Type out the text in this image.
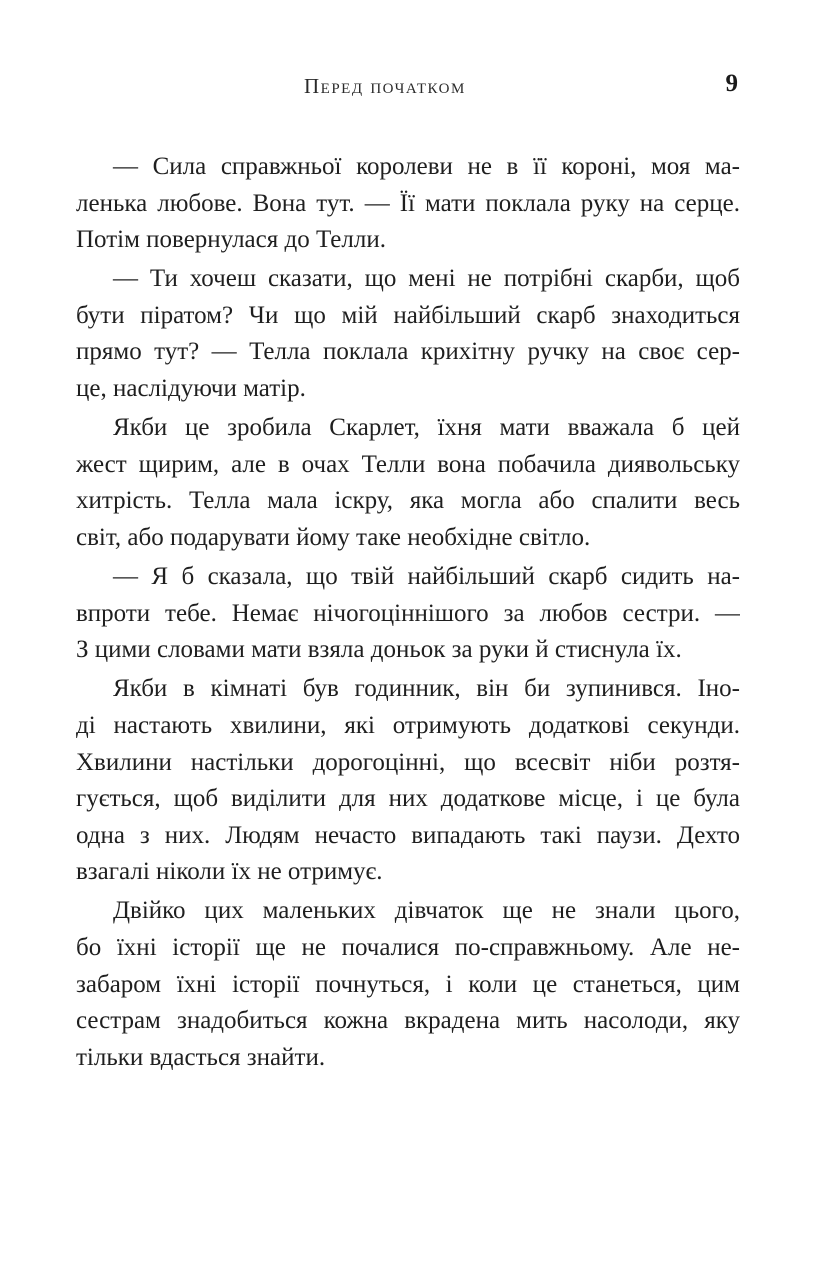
Перед початком	9
— Сила справжньої королеви не в її короні, моя ма-
ленька любове. Вона тут. — Її мати поклала руку на серце.
Потім повернулася до Телли.
— Ти хочеш сказати, що мені не потрібні скарби, щоб
бути піратом? Чи що мій найбільший скарб знаходиться
прямо тут? — Телла поклала крихітну ручку на своє сер-
це, наслідуючи матір.
Якби це зробила Скарлет, їхня мати вважала б цей
жест щирим, але в очах Телли вона побачила диявольську
хитрість. Телла мала іскру, яка могла або спалити весь
світ, або подарувати йому таке необхідне світло.
— Я б сказала, що твій найбільший скарб сидить на-
впроти тебе. Немає нічогоціннішого за любов сестри. —
З цими словами мати взяла доньок за руки й стиснула їх.
Якби в кімнаті був годинник, він би зупинився. Іно-
ді настають хвилини, які отримують додаткові секунди.
Хвилини настільки дорогоцінні, що всесвіт ніби розтя-
гується, щоб виділити для них додаткове місце, і це була
одна з них. Людям нечасто випадають такі паузи. Дехто
взагалі ніколи їх не отримує.
Двійко цих маленьких дівчаток ще не знали цього,
бо їхні історії ще не почалися по-справжньому. Але не-
забаром їхні історії почнуться, і коли це станеться, цим
сестрам знадобиться кожна вкрадена мить насолоди, яку
тільки вдасться знайти.
